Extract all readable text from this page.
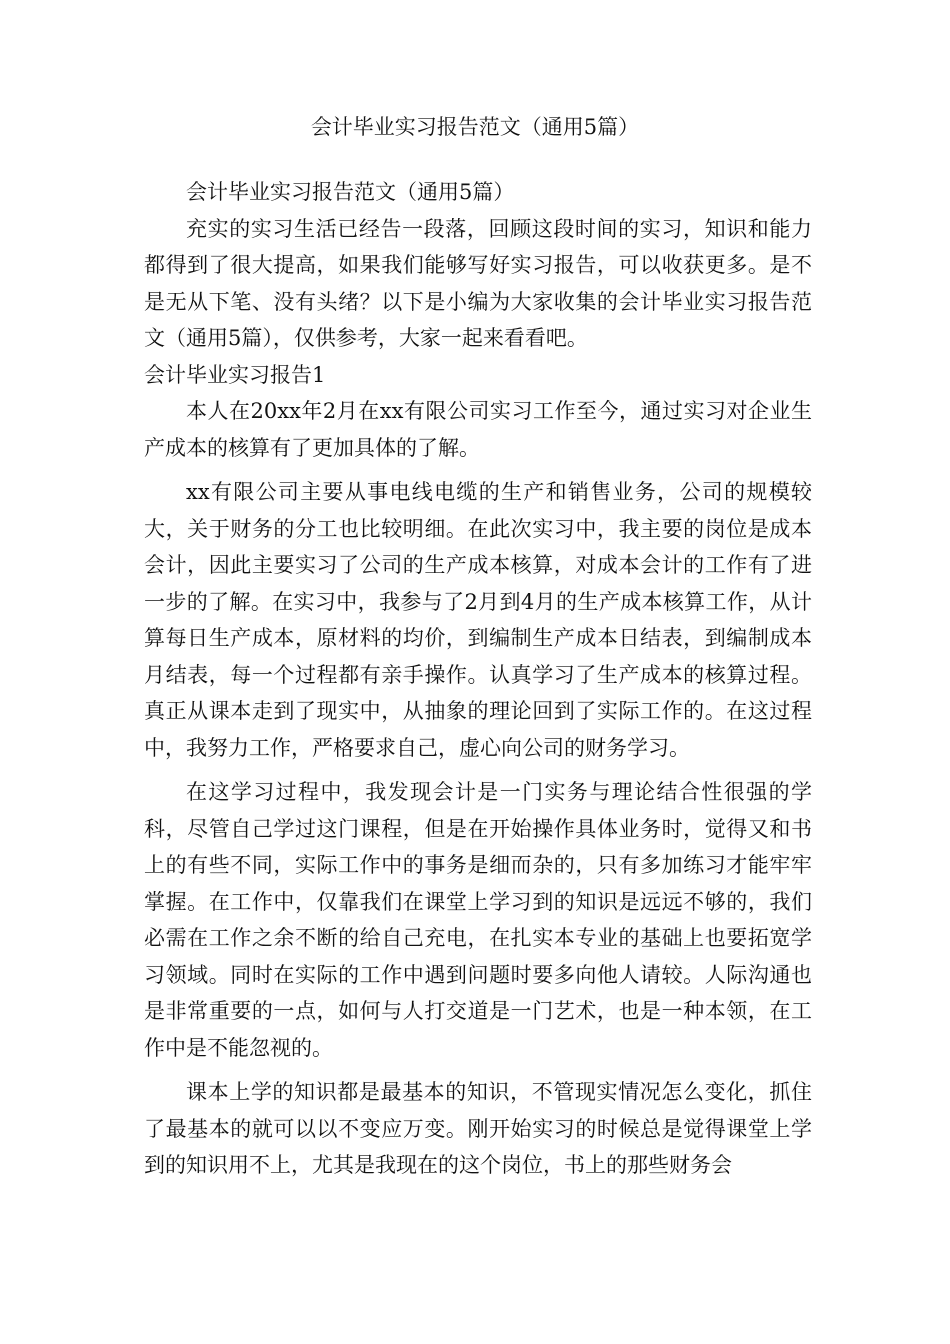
会计毕业实习报告范文（通用5篇）

会计毕业实习报告范文（通用5篇）

充实的实习生活已经告一段落，回顾这段时间的实习，知识和能力都得到了很大提高，如果我们能够写好实习报告，可以收获更多。是不是无从下笔、没有头绪？以下是小编为大家收集的会计毕业实习报告范文（通用5篇），仅供参考，大家一起来看看吧。

会计毕业实习报告1

本人在20xx年2月在xx有限公司实习工作至今，通过实习对企业生产成本的核算有了更加具体的了解。

xx有限公司主要从事电线电缆的生产和销售业务，公司的规模较大，关于财务的分工也比较明细。在此次实习中，我主要的岗位是成本会计，因此主要实习了公司的生产成本核算，对成本会计的工作有了进一步的了解。在实习中，我参与了2月到4月的生产成本核算工作，从计算每日生产成本，原材料的均价，到编制生产成本日结表，到编制成本月结表，每一个过程都有亲手操作。认真学习了生产成本的核算过程。真正从课本走到了现实中，从抽象的理论回到了实际工作的。在这过程中，我努力工作，严格要求自己，虚心向公司的财务学习。

在这学习过程中，我发现会计是一门实务与理论结合性很强的学科，尽管自己学过这门课程，但是在开始操作具体业务时，觉得又和书上的有些不同，实际工作中的事务是细而杂的，只有多加练习才能牢牢掌握。在工作中，仅靠我们在课堂上学习到的知识是远远不够的，我们必需在工作之余不断的给自己充电，在扎实本专业的基础上也要拓宽学习领域。同时在实际的工作中遇到问题时要多向他人请较。人际沟通也是非常重要的一点，如何与人打交道是一门艺术，也是一种本领，在工作中是不能忽视的。

课本上学的知识都是最基本的知识，不管现实情况怎么变化，抓住了最基本的就可以以不变应万变。刚开始实习的时候总是觉得课堂上学到的知识用不上，尤其是我现在的这个岗位，书上的那些财务会
